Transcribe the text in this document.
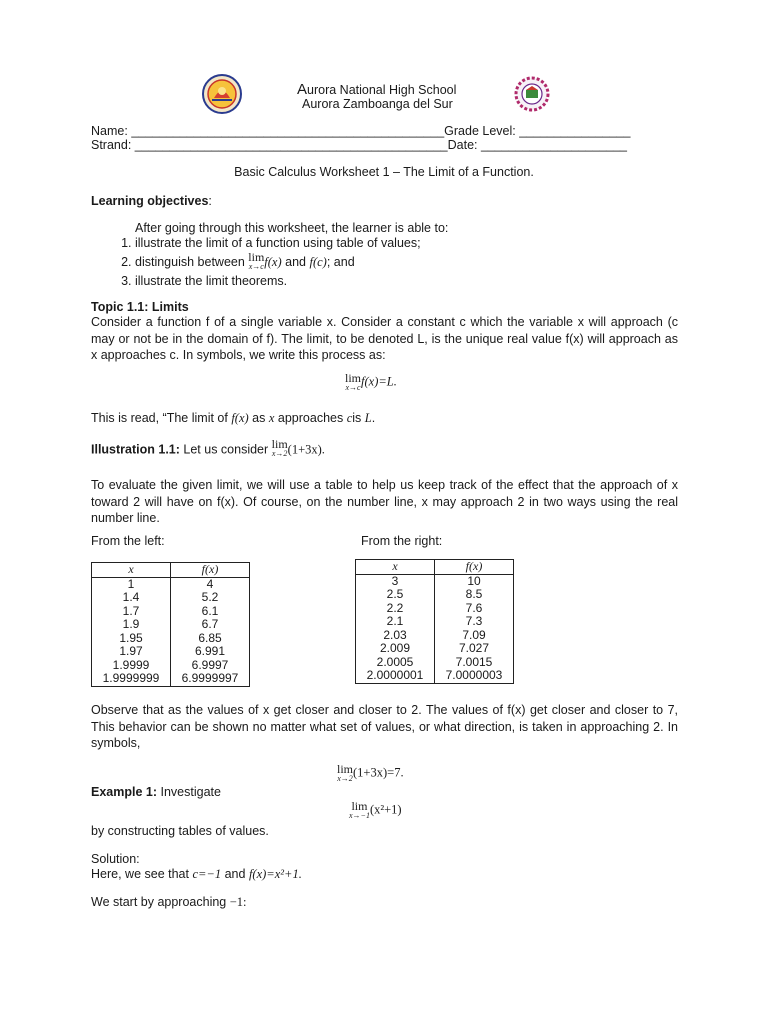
Aurora National High School
Aurora Zamboanga del Sur
Name: _____________________________________________Grade Level: ________________
Strand: _____________________________________________Date: _____________________
Basic Calculus Worksheet 1 – The Limit of a Function.
Learning objectives:
After going through this worksheet, the learner is able to:
1. illustrate the limit of a function using table of values;
2. distinguish between lim
x→c f(x) and f(c); and
3. illustrate the limit theorems.
Topic 1.1: Limits
Consider a function f of a single variable x. Consider a constant c which the variable x will approach (c may or not be in the domain of f). The limit, to be denoted L, is the unique real value f(x) will approach as x approaches c. In symbols, we write this process as:
lim
x→c f(x)=L.
This is read, “The limit of f(x) as x approaches cis L.
Illustration 1.1: Let us consider lim
x→2 (1+3x).
To evaluate the given limit, we will use a table to help us keep track of the effect that the approach of x toward 2 will have on f(x). Of course, on the number line, x may approach 2 in two ways using the real number line.
From the left:	From the right:
x	f(x)
1	4
1.4	5.2
1.7	6.1
1.9	6.7
1.95	6.85
1.97	6.991
1.9999	6.9997
1.9999999	6.9999997
x	f(x)
3	10
2.5	8.5
2.2	7.6
2.1	7.3
2.03	7.09
2.009	7.027
2.0005	7.0015
2.0000001	7.0000003
Observe that as the values of x get closer and closer to 2. The values of f(x) get closer and closer to 7, This behavior can be shown no matter what set of values, or what direction, is taken in approaching 2. In symbols,
lim
x→2 (1+3x)=7.
Example 1: Investigate
lim
x→−1 (x²+1)
by constructing tables of values.
Solution:
Here, we see that c=−1 and f(x)=x²+1.
We start by approaching −1:
